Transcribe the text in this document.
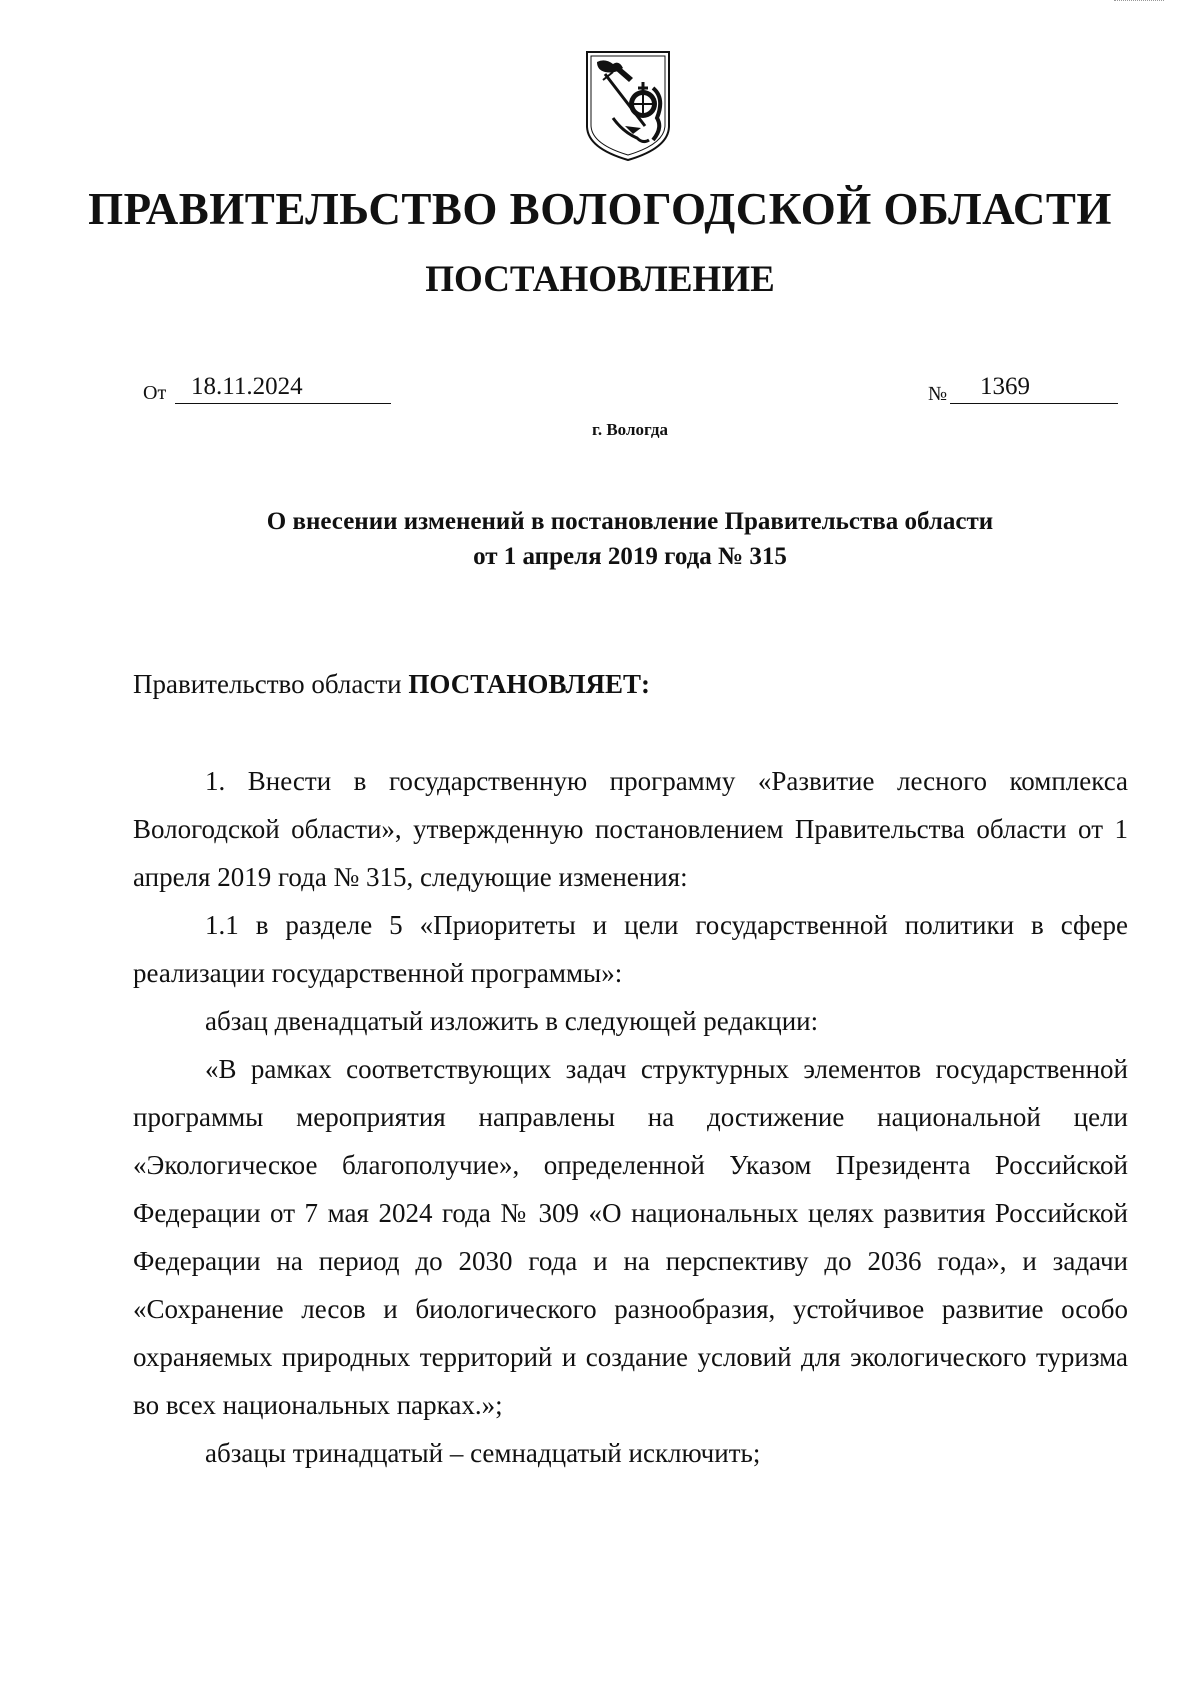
ПРАВИТЕЛЬСТВО ВОЛОГОДСКОЙ ОБЛАСТИ
ПОСТАНОВЛЕНИЕ
От 18.11.2024	№	1369
г. Вологда
О внесении изменений в постановление Правительства области
от 1 апреля 2019 года № 315
Правительство области ПОСТАНОВЛЯЕТ:

1. Внести в государственную программу «Развитие лесного комплекса Вологодской области», утвержденную постановлением Правительства области от 1 апреля 2019 года № 315, следующие изменения:

1.1 в разделе 5 «Приоритеты и цели государственной политики в сфере реализации государственной программы»:

абзац двенадцатый изложить в следующей редакции:

«В рамках соответствующих задач структурных элементов государственной программы мероприятия направлены на достижение национальной цели «Экологическое благополучие», определенной Указом Президента Российской Федерации от 7 мая 2024 года № 309 «О национальных целях развития Российской Федерации на период до 2030 года и на перспективу до 2036 года», и задачи «Сохранение лесов и биологического разнообразия, устойчивое развитие особо охраняемых природных территорий и создание условий для экологического туризма во всех национальных парках.»;

абзацы тринадцатый – семнадцатый исключить;
